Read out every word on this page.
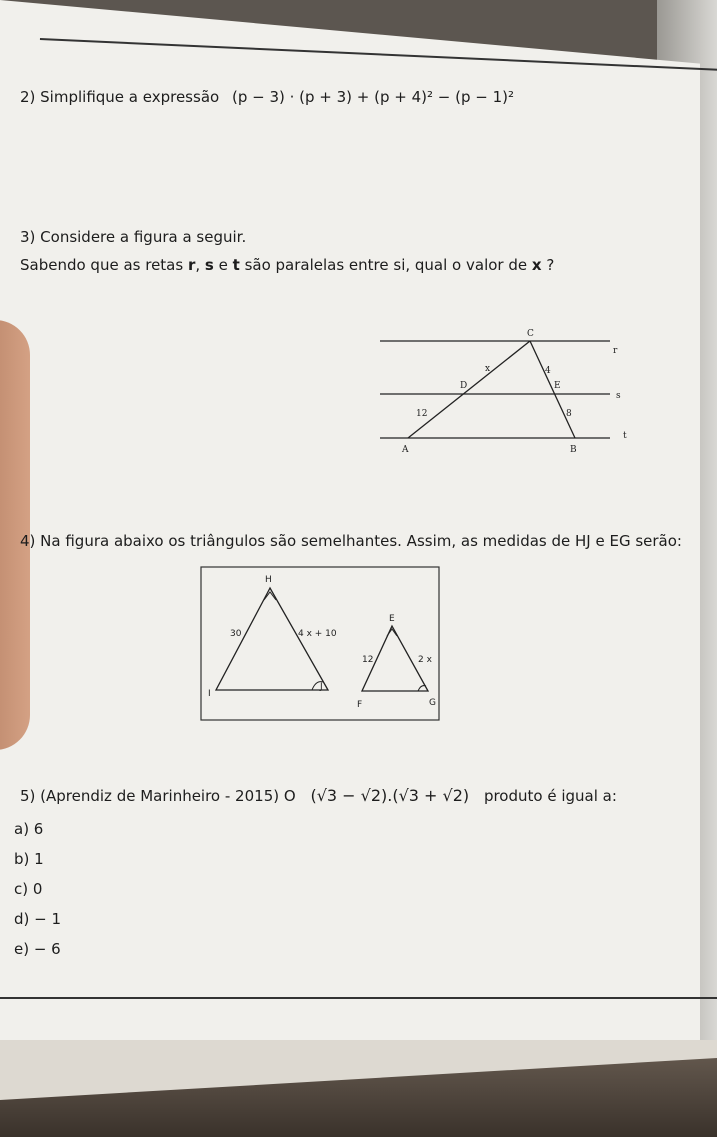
2) Simplifique a expressão (p − 3) · (p + 3) + (p + 4)² − (p − 1)²
3) Considere a figura a seguir.
Sabendo que as retas r, s e t são paralelas entre si, qual o valor de x ?
C
r
x	4
D	E
s
12	8
t
A	B
4) Na figura abaixo os triângulos são semelhantes. Assim, as medidas de HJ e EG serão:
H
30	4 x + 10
I
J
E
12	2 x
F	G
5) (Aprendiz de Marinheiro - 2015) O (√3 − √2).(√3 + √2) produto é igual a:
a) 6
b) 1
c) 0
d) − 1
e) − 6
